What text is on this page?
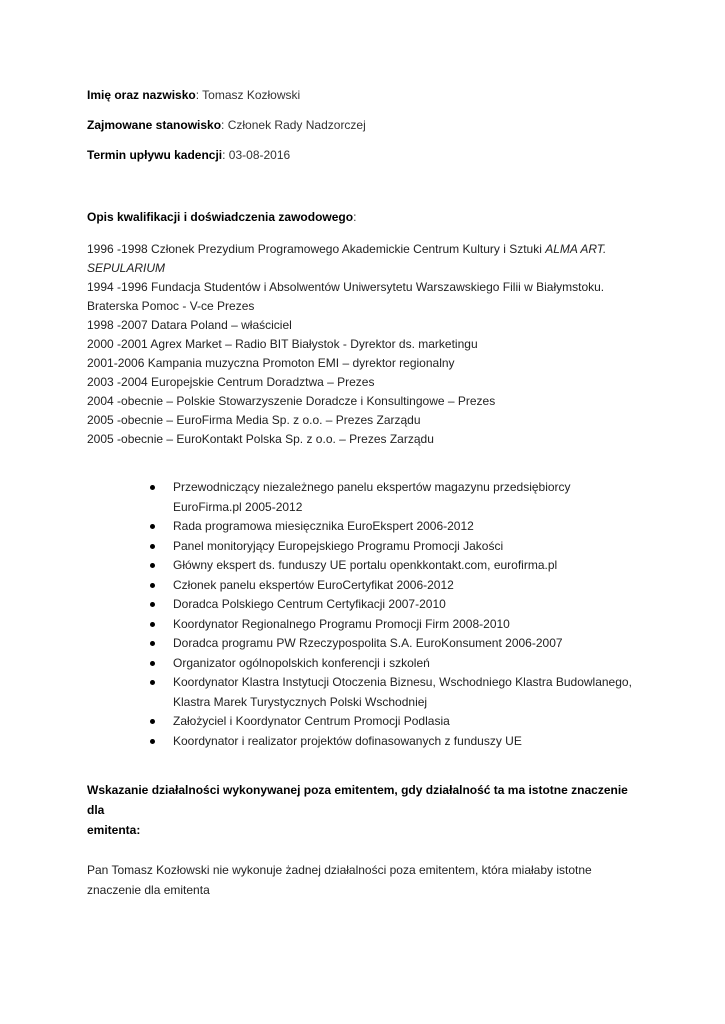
Imię oraz nazwisko: Tomasz Kozłowski
Zajmowane stanowisko: Członek Rady Nadzorczej
Termin upływu kadencji: 03-08-2016
Opis kwalifikacji i doświadczenia zawodowego:
1996 -1998 Członek Prezydium Programowego Akademickie Centrum Kultury i Sztuki ALMA ART.
SEPULARIUM
1994 -1996 Fundacja Studentów i Absolwentów Uniwersytetu Warszawskiego Filii w Białymstoku.
Braterska Pomoc - V-ce Prezes
1998 -2007 Datara Poland – właściciel
2000 -2001 Agrex Market – Radio BIT Białystok - Dyrektor ds. marketingu
2001-2006 Kampania muzyczna Promoton EMI – dyrektor regionalny
2003 -2004 Europejskie Centrum Doradztwa – Prezes
2004 -obecnie – Polskie Stowarzyszenie Doradcze i Konsultingowe – Prezes
2005 -obecnie – EuroFirma Media Sp. z o.o. – Prezes Zarządu
2005 -obecnie – EuroKontakt Polska Sp. z o.o. – Prezes Zarządu
Przewodniczący niezależnego panelu ekspertów magazynu przedsiębiorcy
EuroFirma.pl 2005-2012
Rada programowa miesięcznika EuroEkspert 2006-2012
Panel monitoryjący Europejskiego Programu Promocji Jakości
Główny ekspert ds. funduszy UE portalu openkkontakt.com, eurofirma.pl
Członek panelu ekspertów EuroCertyfikat 2006-2012
Doradca Polskiego Centrum Certyfikacji 2007-2010
Koordynator Regionalnego Programu Promocji Firm 2008-2010
Doradca programu PW Rzeczypospolita S.A. EuroKonsument 2006-2007
Organizator ogólnopolskich konferencji i szkoleń
Koordynator Klastra Instytucji Otoczenia Biznesu, Wschodniego Klastra Budowlanego,
Klastra Marek Turystycznych Polski Wschodniej
Założyciel i Koordynator Centrum Promocji Podlasia
Koordynator i realizator projektów dofinasowanych z funduszy UE
Wskazanie działalności wykonywanej poza emitentem, gdy działalność ta ma istotne znaczenie dla
emitenta:
Pan Tomasz Kozłowski nie wykonuje żadnej działalności poza emitentem, która miałaby istotne
znaczenie dla emitenta
